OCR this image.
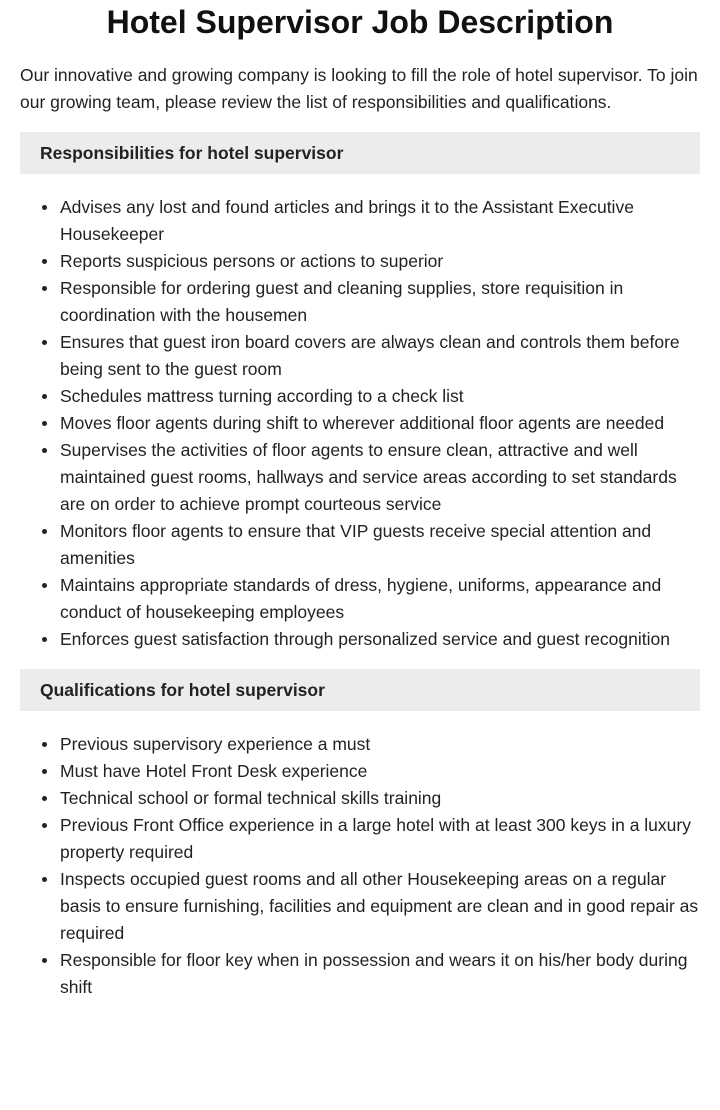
Hotel Supervisor Job Description

Our innovative and growing company is looking to fill the role of hotel supervisor. To join our growing team, please review the list of responsibilities and qualifications.

Responsibilities for hotel supervisor
Advises any lost and found articles and brings it to the Assistant Executive Housekeeper
Reports suspicious persons or actions to superior
Responsible for ordering guest and cleaning supplies, store requisition in coordination with the housemen
Ensures that guest iron board covers are always clean and controls them before being sent to the guest room
Schedules mattress turning according to a check list
Moves floor agents during shift to wherever additional floor agents are needed
Supervises the activities of floor agents to ensure clean, attractive and well maintained guest rooms, hallways and service areas according to set standards are on order to achieve prompt courteous service
Monitors floor agents to ensure that VIP guests receive special attention and amenities
Maintains appropriate standards of dress, hygiene, uniforms, appearance and conduct of housekeeping employees
Enforces guest satisfaction through personalized service and guest recognition
Qualifications for hotel supervisor
Previous supervisory experience a must
Must have Hotel Front Desk experience
Technical school or formal technical skills training
Previous Front Office experience in a large hotel with at least 300 keys in a luxury property required
Inspects occupied guest rooms and all other Housekeeping areas on a regular basis to ensure furnishing, facilities and equipment are clean and in good repair as required
Responsible for floor key when in possession and wears it on his/her body during shift
